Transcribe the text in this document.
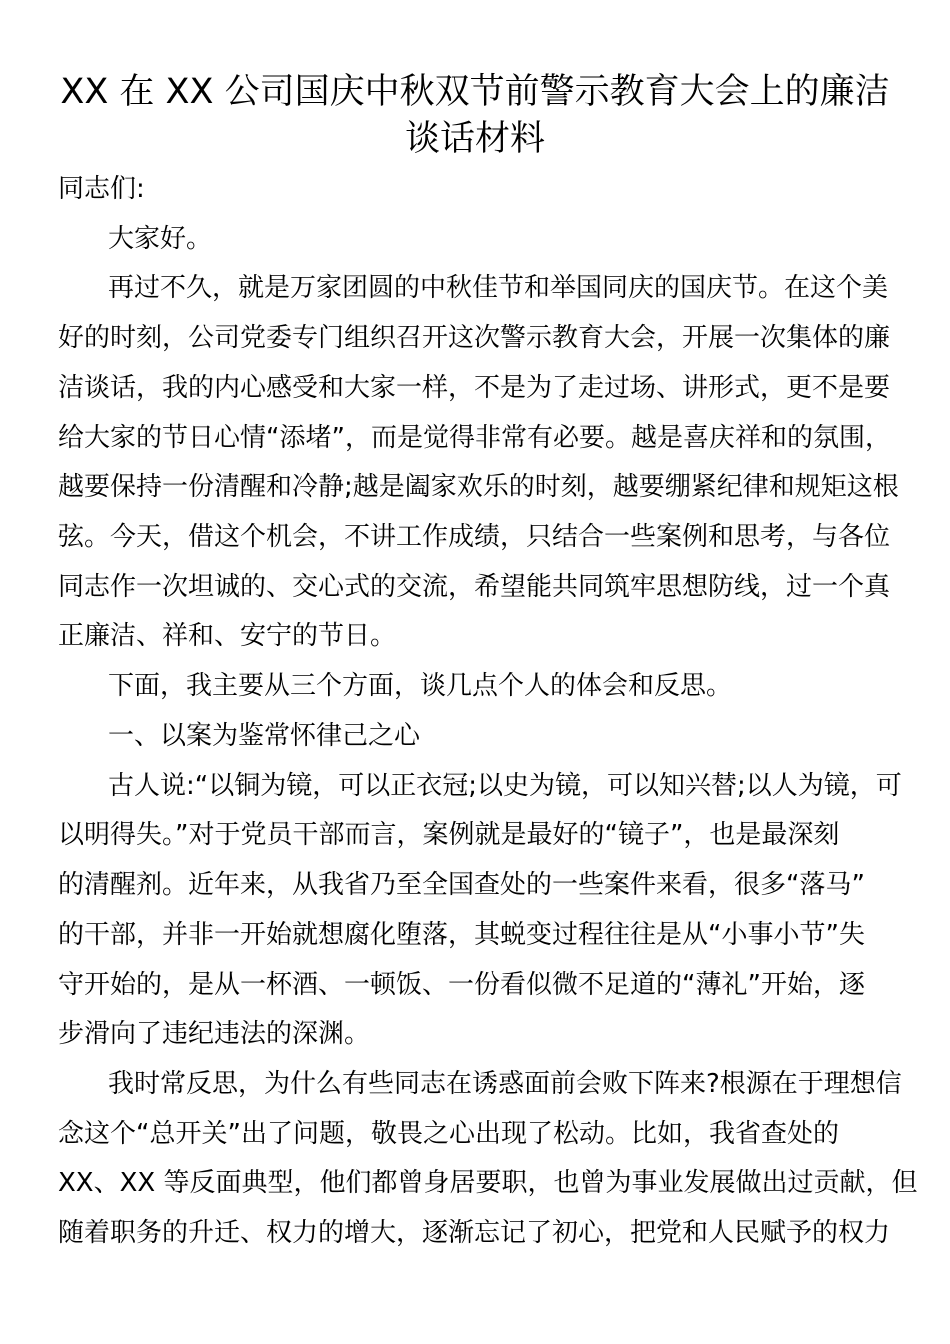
XX 在 XX 公司国庆中秋双节前警示教育大会上的廉洁
谈话材料
同志们:
大家好。
再过不久，就是万家团圆的中秋佳节和举国同庆的国庆节。在这个美
好的时刻，公司党委专门组织召开这次警示教育大会，开展一次集体的廉
洁谈话，我的内心感受和大家一样，不是为了走过场、讲形式，更不是要
给大家的节日心情“添堵”，而是觉得非常有必要。越是喜庆祥和的氛围，
越要保持一份清醒和冷静;越是阖家欢乐的时刻，越要绷紧纪律和规矩这根
弦。今天，借这个机会，不讲工作成绩，只结合一些案例和思考，与各位
同志作一次坦诚的、交心式的交流，希望能共同筑牢思想防线，过一个真
正廉洁、祥和、安宁的节日。
下面，我主要从三个方面，谈几点个人的体会和反思。
一、以案为鉴常怀律己之心
古人说:“以铜为镜，可以正衣冠;以史为镜，可以知兴替;以人为镜，可
以明得失。”对于党员干部而言，案例就是最好的“镜子”，也是最深刻
的清醒剂。近年来，从我省乃至全国查处的一些案件来看，很多“落马”
的干部，并非一开始就想腐化堕落，其蜕变过程往往是从“小事小节”失
守开始的，是从一杯酒、一顿饭、一份看似微不足道的“薄礼”开始，逐
步滑向了违纪违法的深渊。
我时常反思，为什么有些同志在诱惑面前会败下阵来?根源在于理想信
念这个“总开关”出了问题，敬畏之心出现了松动。比如，我省查处的
XX、XX 等反面典型，他们都曾身居要职，也曾为事业发展做出过贡献，但
随着职务的升迁、权力的增大，逐渐忘记了初心，把党和人民赋予的权力
